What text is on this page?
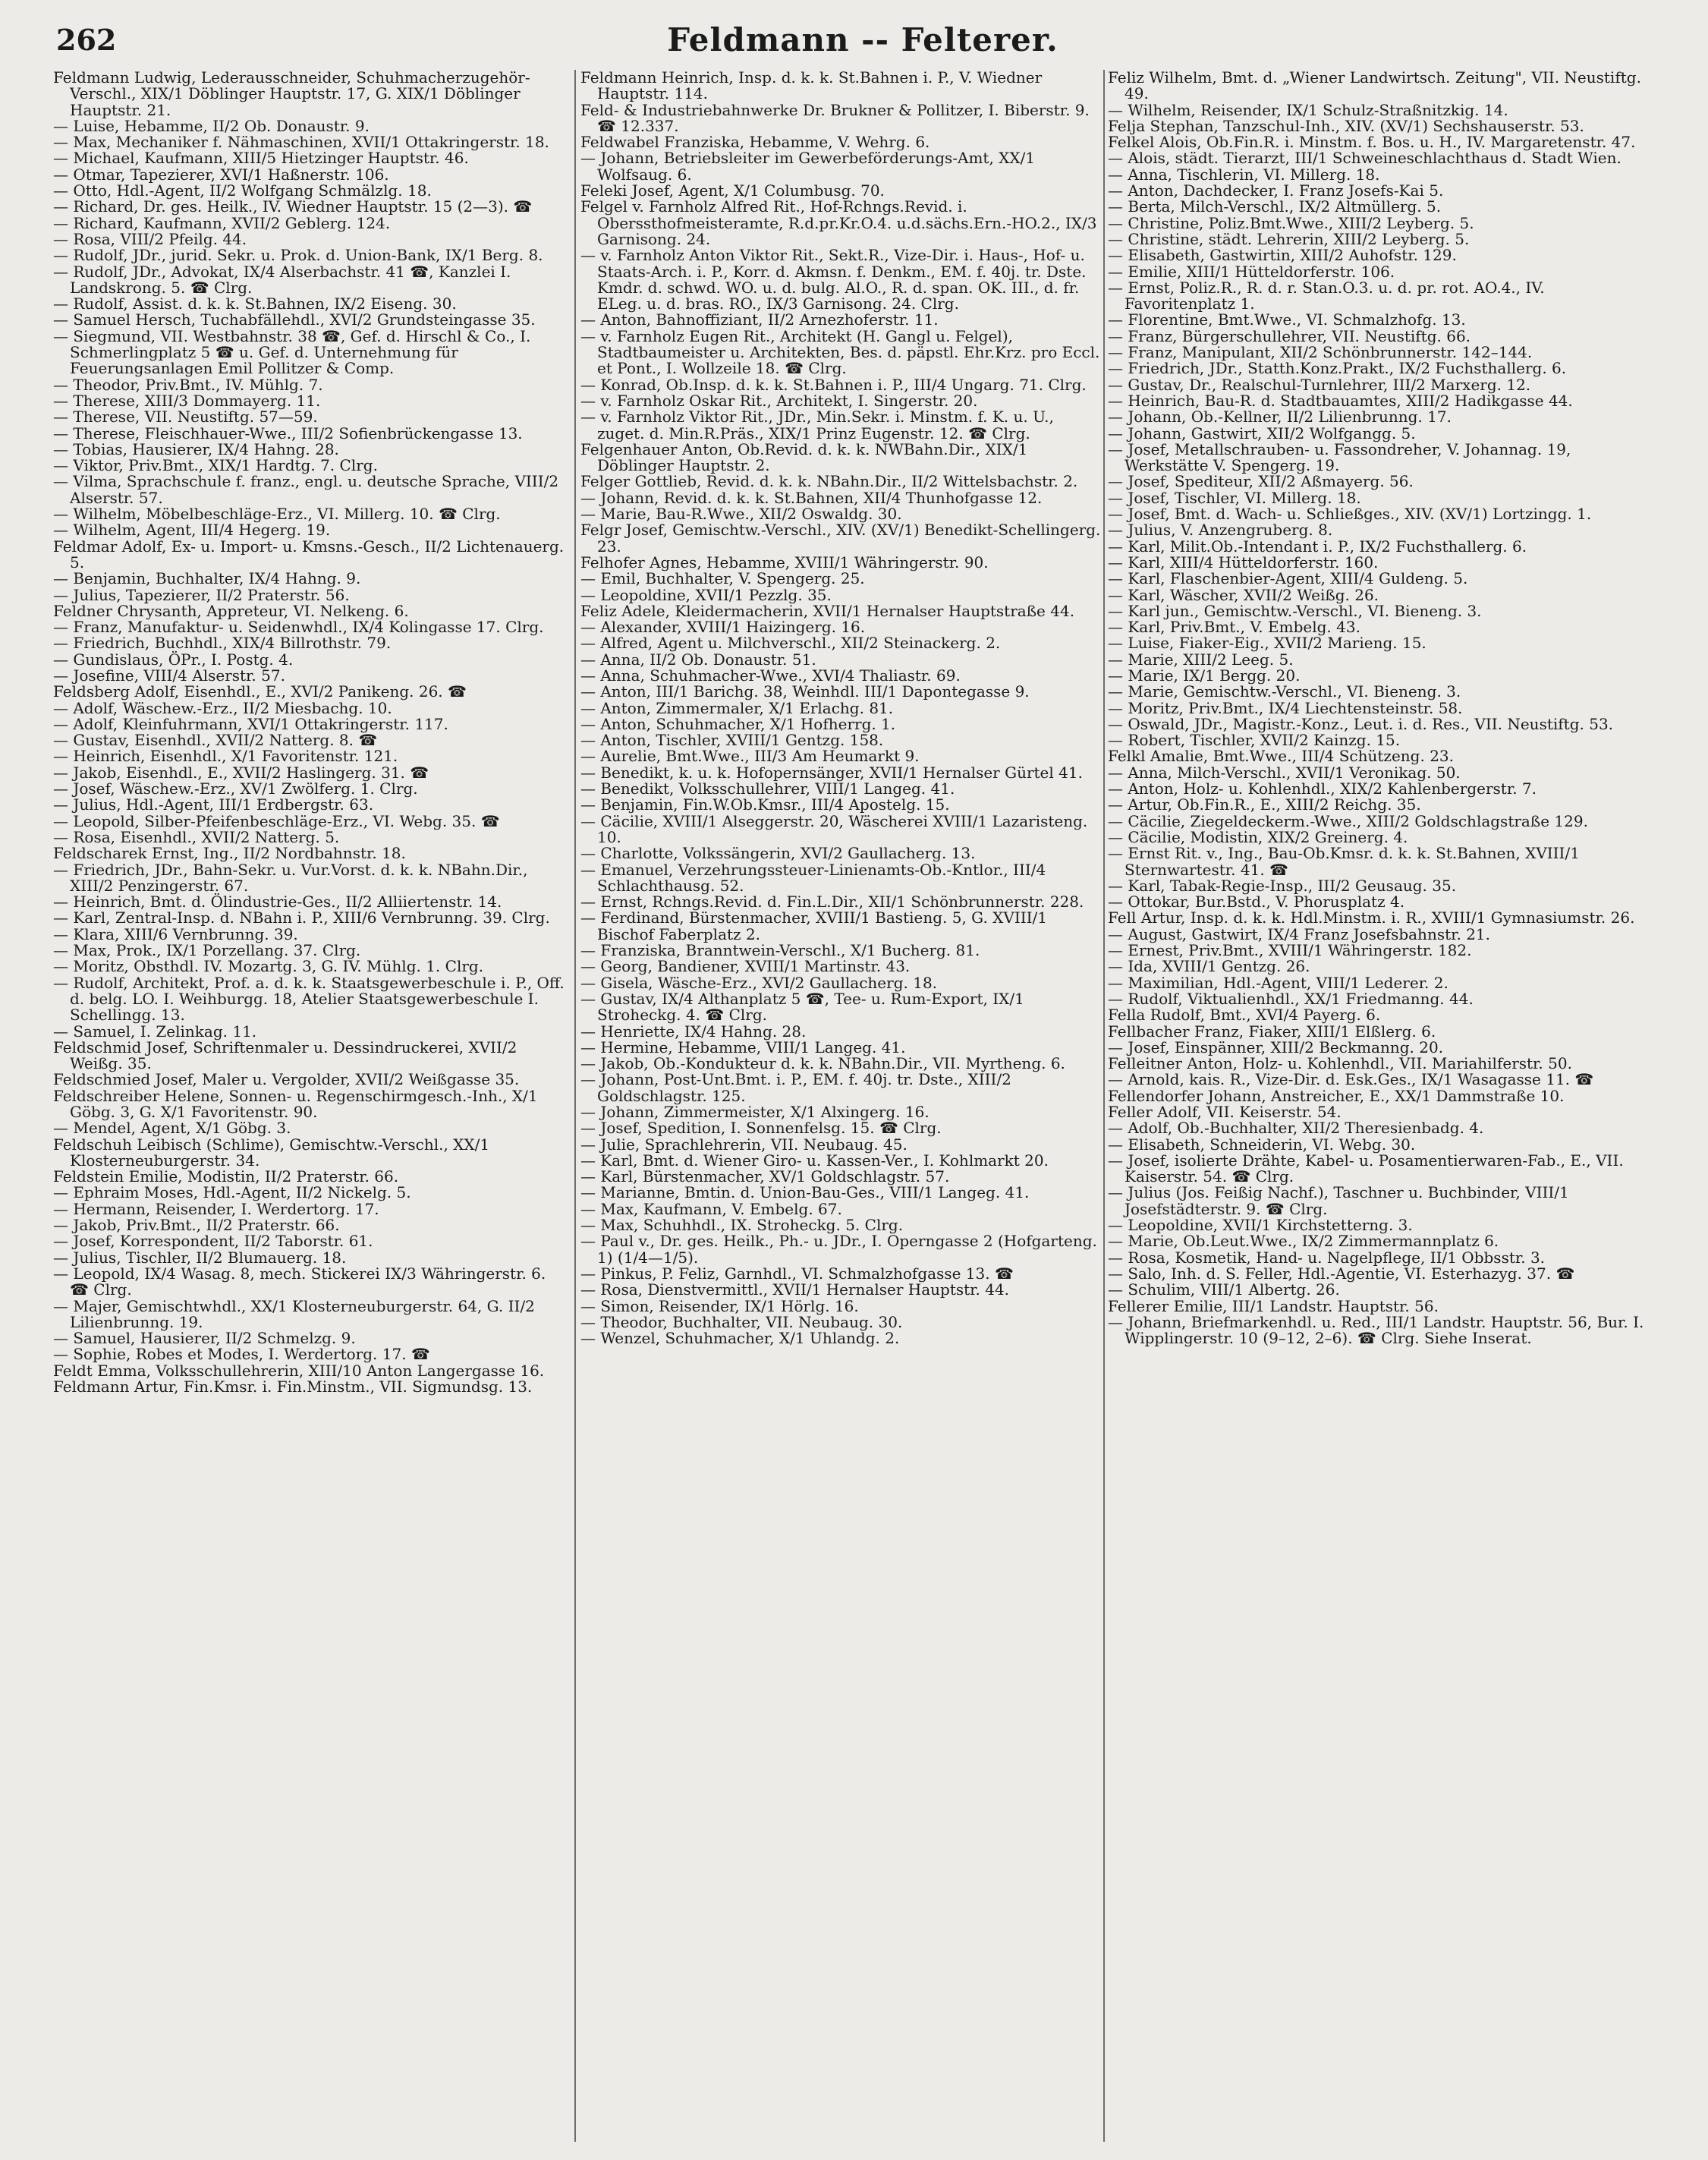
262	Feldmann -- Felterer.
Feldmann Ludwig, Lederausschneider, Schuhmacherzugehör-Verschl., XIX/1 Döblinger Hauptstr. 17, G. XIX/1 Döblinger Hauptstr. 21.
— Luise, Hebamme, II/2 Ob. Donaustr. 9.
— Max, Mechaniker f. Nähmaschinen, XVII/1 Ottakringerstr. 18.
— Michael, Kaufmann, XIII/5 Hietzinger Hauptstr. 46.
— Otmar, Tapezierer, XVI/1 Haßnerstr. 106.
— Otto, Hdl.-Agent, II/2 Wolfgang Schmälzlg. 18.
— Richard, Dr. ges. Heilk., IV. Wiedner Hauptstr. 15 (2—3). ☎
— Richard, Kaufmann, XVII/2 Geblerg. 124.
— Rosa, VIII/2 Pfeilg. 44.
— Rudolf, JDr., jurid. Sekr. u. Prok. d. Union-Bank, IX/1 Berg. 8.
— Rudolf, JDr., Advokat, IX/4 Alserbachstr. 41 ☎, Kanzlei I. Landskrong. 5. ☎ Clrg.
— Rudolf, Assist. d. k. k. St.Bahnen, IX/2 Eiseng. 30.
— Samuel Hersch, Tuchabfällehdl., XVI/2 Grundsteingasse 35.
— Siegmund, VII. Westbahnstr. 38 ☎, Gef. d. Hirschl & Co., I. Schmerlingplatz 5 ☎ u. Gef. d. Unternehmung für Feuerungsanlagen Emil Pollitzer & Comp.
— Theodor, Priv.Bmt., IV. Mühlg. 7.
— Therese, XIII/3 Dommayerg. 11.
— Therese, VII. Neustiftg. 57—59.
— Therese, Fleischhauer-Wwe., III/2 Sofienbrückengasse 13.
— Tobias, Hausierer, IX/4 Hahng. 28.
— Viktor, Priv.Bmt., XIX/1 Hardtg. 7. Clrg.
— Vilma, Sprachschule f. franz., engl. u. deutsche Sprache, VIII/2 Alserstr. 57.
— Wilhelm, Möbelbeschläge-Erz., VI. Millerg. 10. ☎ Clrg.
— Wilhelm, Agent, III/4 Hegerg. 19.
Feldmar Adolf, Ex- u. Import- u. Kmsns.-Gesch., II/2 Lichtenauerg. 5.
— Benjamin, Buchhalter, IX/4 Hahng. 9.
— Julius, Tapezierer, II/2 Praterstr. 56.
Feldner Chrysanth, Appreteur, VI. Nelkeng. 6.
— Franz, Manufaktur- u. Seidenwhdl., IX/4 Kolingasse 17. Clrg.
— Friedrich, Buchhdl., XIX/4 Billrothstr. 79.
— Gundislaus, ÖPr., I. Postg. 4.
— Josefine, VIII/4 Alserstr. 57.
Feldsberg Adolf, Eisenhdl., E., XVI/2 Panikeng. 26. ☎
— Adolf, Wäschew.-Erz., II/2 Miesbachg. 10.
— Adolf, Kleinfuhrmann, XVI/1 Ottakringerstr. 117.
— Gustav, Eisenhdl., XVII/2 Natterg. 8. ☎
— Heinrich, Eisenhdl., X/1 Favoritenstr. 121.
— Jakob, Eisenhdl., E., XVII/2 Haslingerg. 31. ☎
— Josef, Wäschew.-Erz., XV/1 Zwölferg. 1. Clrg.
— Julius, Hdl.-Agent, III/1 Erdbergstr. 63.
— Leopold, Silber-Pfeifenbeschläge-Erz., VI. Webg. 35. ☎
— Rosa, Eisenhdl., XVII/2 Natterg. 5.
Feldscharek Ernst, Ing., II/2 Nordbahnstr. 18.
— Friedrich, JDr., Bahn-Sekr. u. Vur.Vorst. d. k. k. NBahn.Dir., XIII/2 Penzingerstr. 67.
— Heinrich, Bmt. d. Ölindustrie-Ges., II/2 Alliiertenstr. 14.
— Karl, Zentral-Insp. d. NBahn i. P., XIII/6 Vernbrunng. 39. Clrg.
— Klara, XIII/6 Vernbrunng. 39.
— Max, Prok., IX/1 Porzellang. 37. Clrg.
— Moritz, Obsthdl. IV. Mozartg. 3, G. IV. Mühlg. 1. Clrg.
— Rudolf, Architekt, Prof. a. d. k. k. Staatsgewerbeschule i. P., Off. d. belg. LO. I. Weihburgg. 18, Atelier Staatsgewerbeschule I. Schellingg. 13.
— Samuel, I. Zelinkag. 11.
Feldschmid Josef, Schriftenmaler u. Dessindruckerei, XVII/2 Weißg. 35.
Feldschmied Josef, Maler u. Vergolder, XVII/2 Weißgasse 35.
Feldschreiber Helene, Sonnen- u. Regenschirmgesch.-Inh., X/1 Göbg. 3, G. X/1 Favoritenstr. 90.
— Mendel, Agent, X/1 Göbg. 3.
Feldschuh Leibisch (Schlime), Gemischtw.-Verschl., XX/1 Klosterneuburgerstr. 34.
Feldstein Emilie, Modistin, II/2 Praterstr. 66.
— Ephraim Moses, Hdl.-Agent, II/2 Nickelg. 5.
— Hermann, Reisender, I. Werdertorg. 17.
— Jakob, Priv.Bmt., II/2 Praterstr. 66.
— Josef, Korrespondent, II/2 Taborstr. 61.
— Julius, Tischler, II/2 Blumauerg. 18.
— Leopold, IX/4 Wasag. 8, mech. Stickerei IX/3 Währingerstr. 6. ☎ Clrg.
— Majer, Gemischtwhdl., XX/1 Klosterneuburgerstr. 64, G. II/2 Lilienbrunng. 19.
— Samuel, Hausierer, II/2 Schmelzg. 9.
— Sophie, Robes et Modes, I. Werdertorg. 17. ☎
Feldt Emma, Volksschullehrerin, XIII/10 Anton Langergasse 16.
Feldmann Artur, Fin.Kmsr. i. Fin.Minstm., VII. Sigmundsg. 13.
Feldmann Heinrich, Insp. d. k. k. St.Bahnen i. P., V. Wiedner Hauptstr. 114.
Feld- & Industriebahnwerke Dr. Brukner & Pollitzer, I. Biberstr. 9. ☎ 12.337.
Feldwabel Franziska, Hebamme, V. Wehrg. 6.
— Johann, Betriebsleiter im Gewerbeförderungs-Amt, XX/1 Wolfsaug. 6.
Feleki Josef, Agent, X/1 Columbusg. 70.
Felgel v. Farnholz Alfred Rit., Hof-Rchngs.Revid. i. Oberssthofmeisteramte, R.d.pr.Kr.O.4. u.d.sächs.Ern.-HO.2., IX/3 Garnisong. 24.
— v. Farnholz Anton Viktor Rit., Sekt.R., Vize-Dir. i. Haus-, Hof- u. Staats-Arch. i. P., Korr. d. Akmsn. f. Denkm., EM. f. 40j. tr. Dste. Kmdr. d. schwd. WO. u. d. bulg. Al.O., R. d. span. OK. III., d. fr. ELeg. u. d. bras. RO., IX/3 Garnisong. 24. Clrg.
— Anton, Bahnoffiziant, II/2 Arnezhoferstr. 11.
— v. Farnholz Eugen Rit., Architekt (H. Gangl u. Felgel), Stadtbaumeister u. Architekten, Bes. d. päpstl. Ehr.Krz. pro Eccl. et Pont., I. Wollzeile 18. ☎ Clrg.
— Konrad, Ob.Insp. d. k. k. St.Bahnen i. P., III/4 Ungarg. 71. Clrg.
— v. Farnholz Oskar Rit., Architekt, I. Singerstr. 20.
— v. Farnholz Viktor Rit., JDr., Min.Sekr. i. Minstm. f. K. u. U., zuget. d. Min.R.Präs., XIX/1 Prinz Eugenstr. 12. ☎ Clrg.
Felgenhauer Anton, Ob.Revid. d. k. k. NWBahn.Dir., XIX/1 Döblinger Hauptstr. 2.
Felger Gottlieb, Revid. d. k. k. NBahn.Dir., II/2 Wittelsbachstr. 2.
— Johann, Revid. d. k. k. St.Bahnen, XII/4 Thunhofgasse 12.
— Marie, Bau-R.Wwe., XII/2 Oswaldg. 30.
Felgr Josef, Gemischtw.-Verschl., XIV. (XV/1) Benedikt-Schellingerg. 23.
Felhofer Agnes, Hebamme, XVIII/1 Währingerstr. 90.
— Emil, Buchhalter, V. Spengerg. 25.
— Leopoldine, XVII/1 Pezzlg. 35.
Feliz Adele, Kleidermacherin, XVII/1 Hernalser Hauptstraße 44.
— Alexander, XVIII/1 Haizingerg. 16.
— Alfred, Agent u. Milchverschl., XII/2 Steinackerg. 2.
— Anna, II/2 Ob. Donaustr. 51.
— Anna, Schuhmacher-Wwe., XVI/4 Thaliastr. 69.
— Anton, III/1 Barichg. 38, Weinhdl. III/1 Dapontegasse 9.
— Anton, Zimmermaler, X/1 Erlachg. 81.
— Anton, Schuhmacher, X/1 Hofherrg. 1.
— Anton, Tischler, XVIII/1 Gentzg. 158.
— Aurelie, Bmt.Wwe., III/3 Am Heumarkt 9.
— Benedikt, k. u. k. Hofopernsänger, XVII/1 Hernalser Gürtel 41.
— Benedikt, Volksschullehrer, VIII/1 Langeg. 41.
— Benjamin, Fin.W.Ob.Kmsr., III/4 Apostelg. 15.
— Cäcilie, XVIII/1 Alseggerstr. 20, Wäscherei XVIII/1 Lazaristeng. 10.
— Charlotte, Volkssängerin, XVI/2 Gaullacherg. 13.
— Emanuel, Verzehrungssteuer-Linienamts-Ob.-Kntlor., III/4 Schlachthausg. 52.
— Ernst, Rchngs.Revid. d. Fin.L.Dir., XII/1 Schönbrunnerstr. 228.
— Ferdinand, Bürstenmacher, XVIII/1 Bastieng. 5, G. XVIII/1 Bischof Faberplatz 2.
— Franziska, Branntwein-Verschl., X/1 Bucherg. 81.
— Georg, Bandiener, XVIII/1 Martinstr. 43.
— Gisela, Wäsche-Erz., XVI/2 Gaullacherg. 18.
— Gustav, IX/4 Althanplatz 5 ☎, Tee- u. Rum-Export, IX/1 Stroheckg. 4. ☎ Clrg.
— Henriette, IX/4 Hahng. 28.
— Hermine, Hebamme, VIII/1 Langeg. 41.
— Jakob, Ob.-Kondukteur d. k. k. NBahn.Dir., VII. Myrtheng. 6.
— Johann, Post-Unt.Bmt. i. P., EM. f. 40j. tr. Dste., XIII/2 Goldschlagstr. 125.
— Johann, Zimmermeister, X/1 Alxingerg. 16.
— Josef, Spedition, I. Sonnenfelsg. 15. ☎ Clrg.
— Julie, Sprachlehrerin, VII. Neubaug. 45.
— Karl, Bmt. d. Wiener Giro- u. Kassen-Ver., I. Kohlmarkt 20.
— Karl, Bürstenmacher, XV/1 Goldschlagstr. 57.
— Marianne, Bmtin. d. Union-Bau-Ges., VIII/1 Langeg. 41.
— Max, Kaufmann, V. Embelg. 67.
— Max, Schuhhdl., IX. Stroheckg. 5. Clrg.
— Paul v., Dr. ges. Heilk., Ph.- u. JDr., I. Operngasse 2 (Hofgarteng. 1) (1/4—1/5).
— Pinkus, P. Feliz, Garnhdl., VI. Schmalzhofgasse 13. ☎
— Rosa, Dienstvermittl., XVII/1 Hernalser Hauptstr. 44.
— Simon, Reisender, IX/1 Hörlg. 16.
— Theodor, Buchhalter, VII. Neubaug. 30.
— Wenzel, Schuhmacher, X/1 Uhlandg. 2.
Feliz Wilhelm, Bmt. d. „Wiener Landwirtsch. Zeitung", VII. Neustiftg. 49.
— Wilhelm, Reisender, IX/1 Schulz-Straßnitzkig. 14.
Felja Stephan, Tanzschul-Inh., XIV. (XV/1) Sechshauserstr. 53.
Felkel Alois, Ob.Fin.R. i. Minstm. f. Bos. u. H., IV. Margaretenstr. 47.
— Alois, städt. Tierarzt, III/1 Schweineschlachthaus d. Stadt Wien.
— Anna, Tischlerin, VI. Millerg. 18.
— Anton, Dachdecker, I. Franz Josefs-Kai 5.
— Berta, Milch-Verschl., IX/2 Altmüllerg. 5.
— Christine, Poliz.Bmt.Wwe., XIII/2 Leyberg. 5.
— Christine, städt. Lehrerin, XIII/2 Leyberg. 5.
— Elisabeth, Gastwirtin, XIII/2 Auhofstr. 129.
— Emilie, XIII/1 Hütteldorferstr. 106.
— Ernst, Poliz.R., R. d. r. Stan.O.3. u. d. pr. rot. AO.4., IV. Favoritenplatz 1.
— Florentine, Bmt.Wwe., VI. Schmalzhofg. 13.
— Franz, Bürgerschullehrer, VII. Neustiftg. 66.
— Franz, Manipulant, XII/2 Schönbrunnerstr. 142–144.
— Friedrich, JDr., Statth.Konz.Prakt., IX/2 Fuchsthallerg. 6.
— Gustav, Dr., Realschul-Turnlehrer, III/2 Marxerg. 12.
— Heinrich, Bau-R. d. Stadtbauamtes, XIII/2 Hadikgasse 44.
— Johann, Ob.-Kellner, II/2 Lilienbrunng. 17.
— Johann, Gastwirt, XII/2 Wolfgangg. 5.
— Josef, Metallschrauben- u. Fassondreher, V. Johannag. 19, Werkstätte V. Spengerg. 19.
— Josef, Spediteur, XII/2 Aßmayerg. 56.
— Josef, Tischler, VI. Millerg. 18.
— Josef, Bmt. d. Wach- u. Schließges., XIV. (XV/1) Lortzingg. 1.
— Julius, V. Anzengruberg. 8.
— Karl, Milit.Ob.-Intendant i. P., IX/2 Fuchsthallerg. 6.
— Karl, XIII/4 Hütteldorferstr. 160.
— Karl, Flaschenbier-Agent, XIII/4 Guldeng. 5.
— Karl, Wäscher, XVII/2 Weißg. 26.
— Karl jun., Gemischtw.-Verschl., VI. Bieneng. 3.
— Karl, Priv.Bmt., V. Embelg. 43.
— Luise, Fiaker-Eig., XVII/2 Marieng. 15.
— Marie, XIII/2 Leeg. 5.
— Marie, IX/1 Bergg. 20.
— Marie, Gemischtw.-Verschl., VI. Bieneng. 3.
— Moritz, Priv.Bmt., IX/4 Liechtensteinstr. 58.
— Oswald, JDr., Magistr.-Konz., Leut. i. d. Res., VII. Neustiftg. 53.
— Robert, Tischler, XVII/2 Kainzg. 15.
Felkl Amalie, Bmt.Wwe., III/4 Schützeng. 23.
— Anna, Milch-Verschl., XVII/1 Veronikag. 50.
— Anton, Holz- u. Kohlenhdl., XIX/2 Kahlenbergerstr. 7.
— Artur, Ob.Fin.R., E., XIII/2 Reichg. 35.
— Cäcilie, Ziegeldeckerm.-Wwe., XIII/2 Goldschlagstraße 129.
— Cäcilie, Modistin, XIX/2 Greinerg. 4.
— Ernst Rit. v., Ing., Bau-Ob.Kmsr. d. k. k. St.Bahnen, XVIII/1 Sternwartestr. 41. ☎
— Karl, Tabak-Regie-Insp., III/2 Geusaug. 35.
— Ottokar, Bur.Bstd., V. Phorusplatz 4.
Fell Artur, Insp. d. k. k. Hdl.Minstm. i. R., XVIII/1 Gymnasiumstr. 26.
— August, Gastwirt, IX/4 Franz Josefsbahnstr. 21.
— Ernest, Priv.Bmt., XVIII/1 Währingerstr. 182.
— Ida, XVIII/1 Gentzg. 26.
— Maximilian, Hdl.-Agent, VIII/1 Lederer. 2.
— Rudolf, Viktualienhdl., XX/1 Friedmanng. 44.
Fella Rudolf, Bmt., XVI/4 Payerg. 6.
Fellbacher Franz, Fiaker, XIII/1 Elßlerg. 6.
— Josef, Einspänner, XIII/2 Beckmanng. 20.
Felleitner Anton, Holz- u. Kohlenhdl., VII. Mariahilferstr. 50.
— Arnold, kais. R., Vize-Dir. d. Esk.Ges., IX/1 Wasagasse 11. ☎
Fellendorfer Johann, Anstreicher, E., XX/1 Dammstraße 10.
Feller Adolf, VII. Keiserstr. 54.
— Adolf, Ob.-Buchhalter, XII/2 Theresienbadg. 4.
— Elisabeth, Schneiderin, VI. Webg. 30.
— Josef, isolierte Drähte, Kabel- u. Posamentierwaren-Fab., E., VII. Kaiserstr. 54. ☎ Clrg.
— Julius (Jos. Feißig Nachf.), Taschner u. Buchbinder, VIII/1 Josefstädterstr. 9. ☎ Clrg.
— Leopoldine, XVII/1 Kirchstetterng. 3.
— Marie, Ob.Leut.Wwe., IX/2 Zimmermannplatz 6.
— Rosa, Kosmetik, Hand- u. Nagelpflege, II/1 Obbsstr. 3.
— Salo, Inh. d. S. Feller, Hdl.-Agentie, VI. Esterhazyg. 37. ☎
— Schulim, VIII/1 Albertg. 26.
Fellerer Emilie, III/1 Landstr. Hauptstr. 56.
— Johann, Briefmarkenhdl. u. Red., III/1 Landstr. Hauptstr. 56, Bur. I. Wipplingerstr. 10 (9–12, 2–6). ☎ Clrg. Siehe Inserat.
